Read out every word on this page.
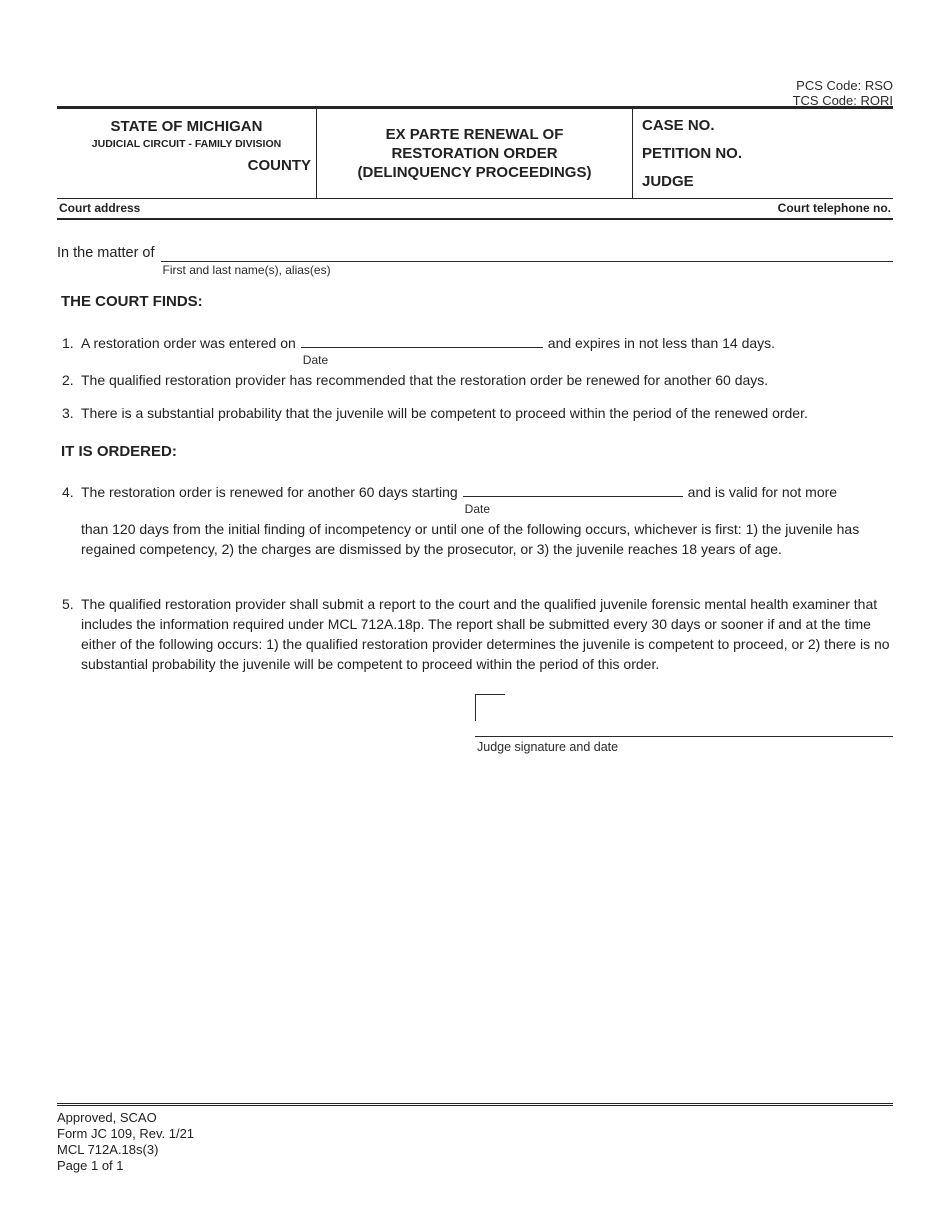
PCS Code: RSO
TCS Code: RORI
STATE OF MICHIGAN
JUDICIAL CIRCUIT - FAMILY DIVISION
COUNTY
EX PARTE RENEWAL OF
RESTORATION ORDER
(DELINQUENCY PROCEEDINGS)
CASE NO.
PETITION NO.
JUDGE
Court address	Court telephone no.
In the matter of
First and last name(s), alias(es)
THE COURT FINDS:
1. A restoration order was entered on
Date
and expires in not less than 14 days.
2. The qualified restoration provider has recommended that the restoration order be renewed for another 60 days.
3. There is a substantial probability that the juvenile will be competent to proceed within the period of the renewed order.
IT IS ORDERED:
4. The restoration order is renewed for another 60 days starting
Date
and is valid for not more
than 120 days from the initial finding of incompetency or until one of the following occurs, whichever is first: 1) the juvenile has regained competency, 2) the charges are dismissed by the prosecutor, or 3) the juvenile reaches 18 years of age.
5. The qualified restoration provider shall submit a report to the court and the qualified juvenile forensic mental health examiner that includes the information required under MCL 712A.18p. The report shall be submitted every 30 days or sooner if and at the time either of the following occurs: 1) the qualified restoration provider determines the juvenile is competent to proceed, or 2) there is no substantial probability the juvenile will be competent to proceed within the period of this order.
Judge signature and date
Approved, SCAO
Form JC 109, Rev. 1/21
MCL 712A.18s(3)
Page 1 of 1
